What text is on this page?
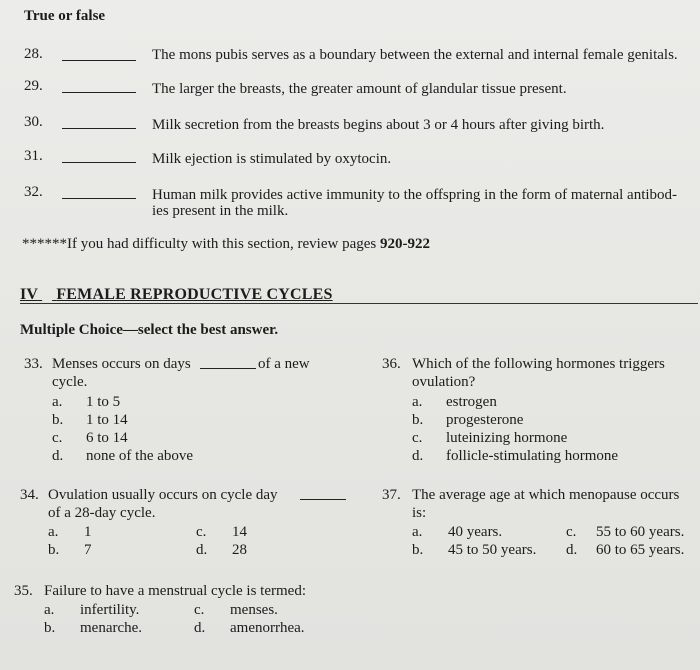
True or false
28.	The mons pubis serves as a boundary between the external and internal female genitals.
29.	The larger the breasts, the greater amount of glandular tissue present.
30.	Milk secretion from the breasts begins about 3 or 4 hours after giving birth.
31.	Milk ejection is stimulated by oxytocin.
32.	Human milk provides active immunity to the offspring in the form of maternal antibod-
ies present in the milk.
******If you had difficulty with this section, review pages 920-922
IV FEMALE REPRODUCTIVE CYCLES
Multiple Choice—select the best answer.
33. Menses occurs on days	of a new
cycle.
a. 1 to 5
b. 1 to 14
c. 6 to 14
d. none of the above
36. Which of the following hormones triggers
ovulation?
a. estrogen
b. progesterone
c. luteinizing hormone
d. follicle-stimulating hormone
34. Ovulation usually occurs on cycle day
of a 28-day cycle.
a. 1	c. 14
b. 7	d. 28
37. The average age at which menopause occurs
is:
a. 40 years.	c. 55 to 60 years.
b. 45 to 50 years. d. 60 to 65 years.
35. Failure to have a menstrual cycle is termed:
a. infertility.	c. menses.
b. menarche.	d. amenorrhea.
